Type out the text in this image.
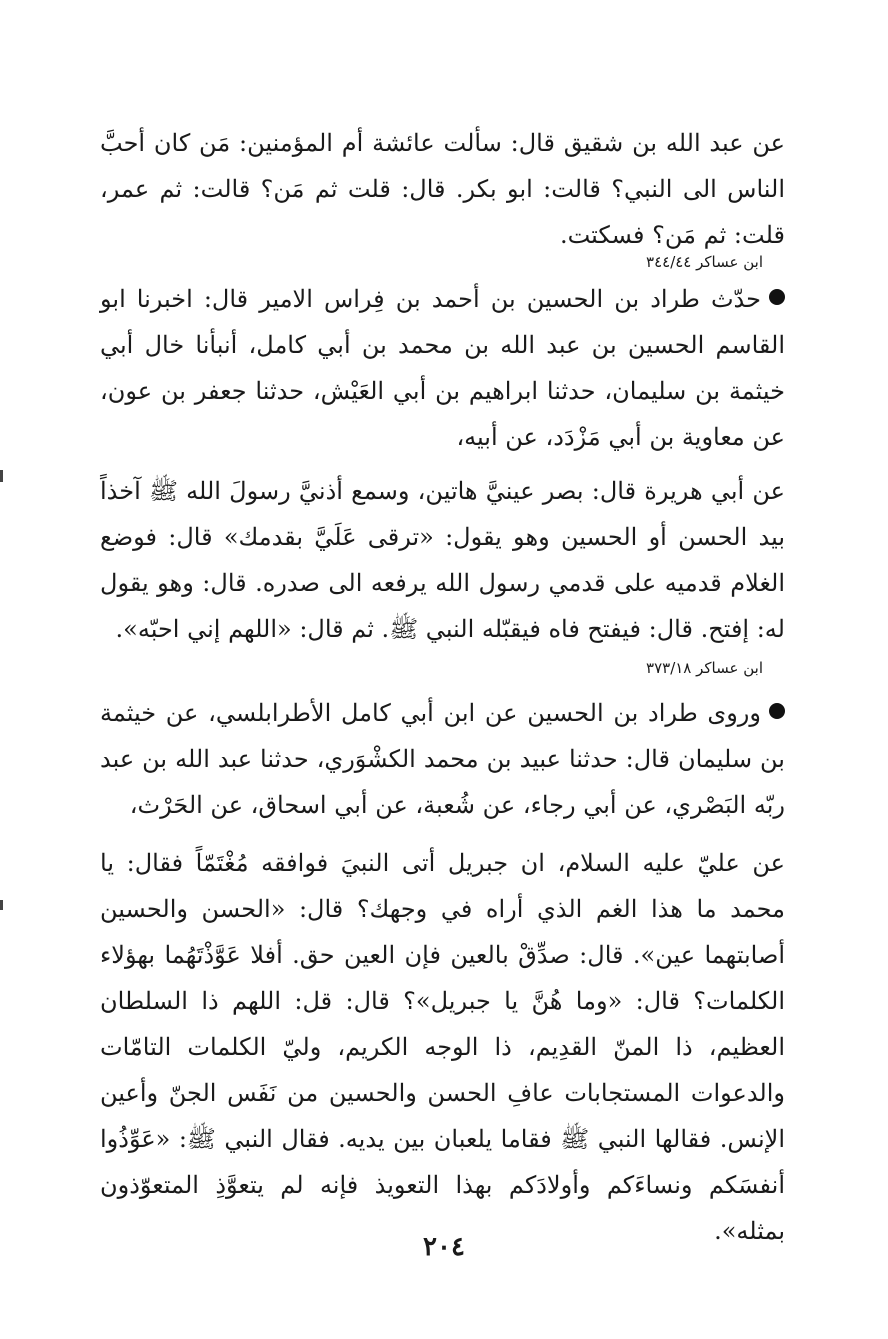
عن عبد الله بن شقيق قال: سألت عائشة أم المؤمنين: مَن كان أحبَّ الناس الى النبي؟ قالت: ابو بكر. قال: قلت ثم مَن؟ قالت: ثم عمر، قلت: ثم مَن؟ فسكتت.

ابن عساكر ٣٤٤/٤٤

حدّث طراد بن الحسين بن أحمد بن فِراس الامير قال: اخبرنا ابو القاسم الحسين بن عبد الله بن محمد بن أبي كامل، أنبأنا خال أبي خيثمة بن سليمان، حدثنا ابراهيم بن أبي العَيْش، حدثنا جعفر بن عون، عن معاوية بن أبي مَزْدَد، عن أبيه،

عن أبي هريرة قال: بصر عينيَّ هاتين، وسمع أذنيَّ رسولَ الله ﷺ آخذاً بيد الحسن أو الحسين وهو يقول: «ترقى عَلَيَّ بقدمك» قال: فوضع الغلام قدميه على قدمي رسول الله يرفعه الى صدره. قال: وهو يقول له: إفتح. قال: فيفتح فاه فيقبّله النبي ﷺ. ثم قال: «اللهم إني احبّه».

ابن عساكر ٣٧٣/١٨

وروى طراد بن الحسين عن ابن أبي كامل الأطرابلسي، عن خيثمة بن سليمان قال: حدثنا عبيد بن محمد الكشْوَري، حدثنا عبد الله بن عبد ربّه البَصْري، عن أبي رجاء، عن شُعبة، عن أبي اسحاق، عن الحَرْث،

عن عليّ عليه السلام، ان جبريل أتى النبيَ فوافقه مُغْتَمّاً فقال: يا محمد ما هذا الغم الذي أراه في وجهك؟ قال: «الحسن والحسين أصابتهما عين». قال: صدِّقْ بالعين فإن العين حق. أفلا عَوَّذْتَهُما بهؤلاء الكلمات؟ قال: «وما هُنَّ يا جبريل»؟ قال: قل: اللهم ذا السلطان العظيم، ذا المنّ القدِيم، ذا الوجه الكريم، وليّ الكلمات التامّات والدعوات المستجابات عافِ الحسن والحسين من نَفَس الجنّ وأعين الإنس. فقالها النبي ﷺ فقاما يلعبان بين يديه. فقال النبي ﷺ: «عَوِّذُوا أنفسَكم ونساءَكم وأولادَكم بهذا التعويذ فإنه لم يتعوَّذِ المتعوّذون بمثله».

٢٠٤
